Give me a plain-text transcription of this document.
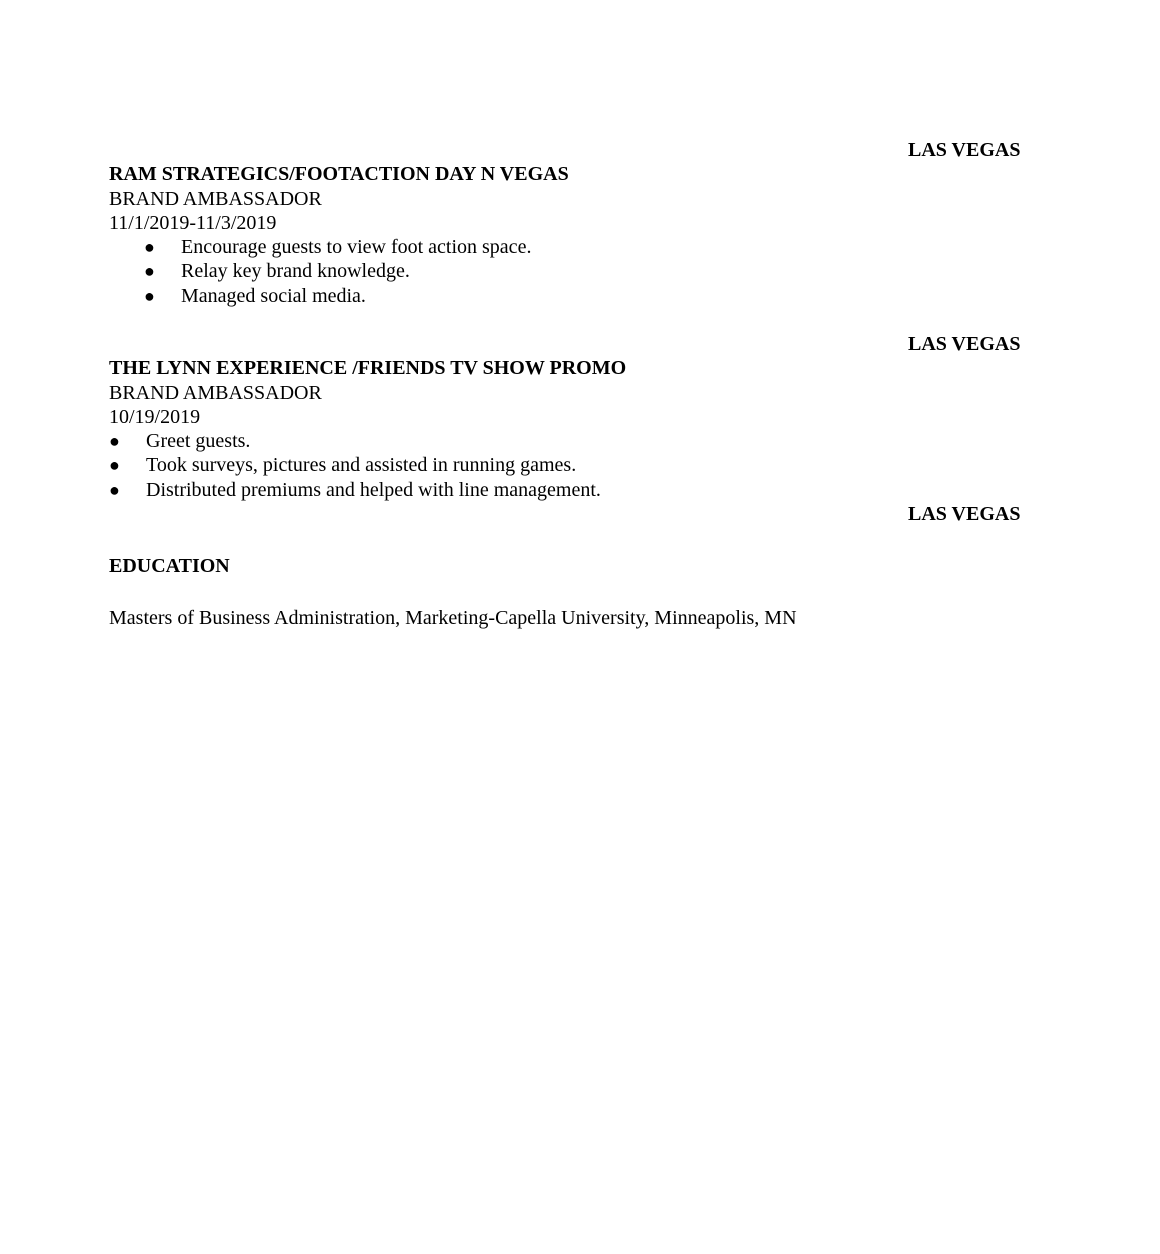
LAS VEGAS
RAM STRATEGICS/FOOTACTION DAY N VEGAS
BRAND AMBASSADOR
11/1/2019-11/3/2019
● Encourage guests to view foot action space.
● Relay key brand knowledge.
● Managed social media.
LAS VEGAS
THE LYNN EXPERIENCE /FRIENDS TV SHOW PROMO
BRAND AMBASSADOR
10/19/2019
● Greet guests.
● Took surveys, pictures and assisted in running games.
● Distributed premiums and helped with line management.
LAS VEGAS
EDUCATION
Masters of Business Administration, Marketing-Capella University, Minneapolis, MN
